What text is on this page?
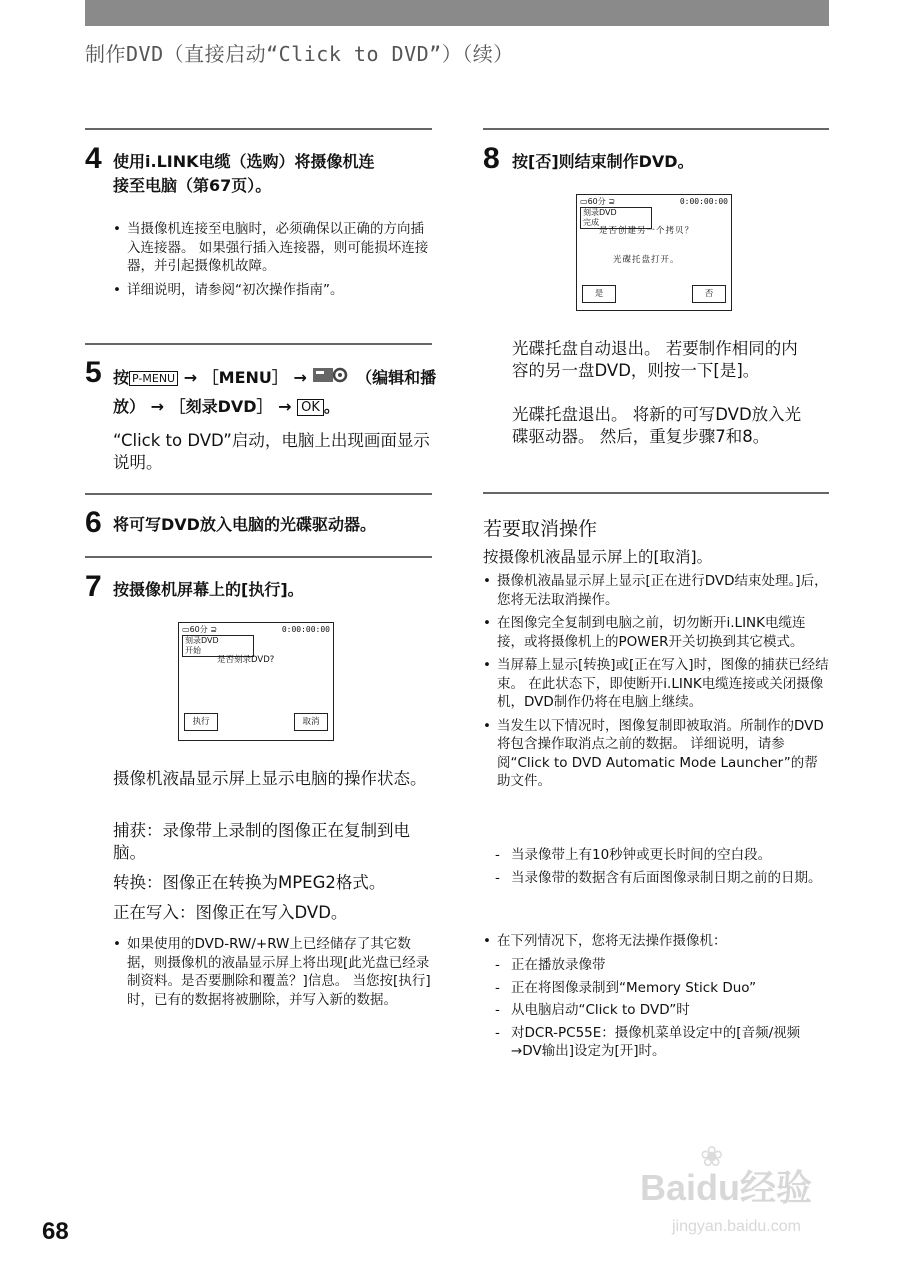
制作DVD（直接启动“Click to DVD”）（续）
4 使用i.LINK电缆（选购）将摄像机连
接至电脑（第67页）。
• 当摄像机连接至电脑时，必须确保以正确的方向插入连接器。 如果强行插入连接器，则可能损坏连接器，并引起摄像机故障。
• 详细说明，请参阅“初次操作指南”。
5 按 P-MENU → ［MENU］ →	（编辑和播放） → ［刻录DVD］ → OK 。
“Click to DVD”启动，电脑上出现画面显示说明。
6 将可写DVD放入电脑的光碟驱动器。
7 按摄像机屏幕上的[执行]。
▭60分 ⊇	0:00:00:00
刻录DVD
开始
是否刻录DVD?
执行	取消
摄像机液晶显示屏上显示电脑的操作状态。
捕获：录像带上录制的图像正在复制到电脑。
转换：图像正在转换为MPEG2格式。
正在写入：图像正在写入DVD。
• 如果使用的DVD-RW/+RW上已经储存了其它数据，则摄像机的液晶显示屏上将出现[此光盘已经录制资料。是否要删除和覆盖？]信息。 当您按[执行]时，已有的数据将被删除，并写入新的数据。
8 按[否]则结束制作DVD。
▭60分 ⊇	0:00:00:00
刻录DVD
完成
是否创建另一个拷贝？
光碟托盘打开。
是	否
光碟托盘自动退出。 若要制作相同的内容的另一盘DVD，则按一下[是]。
光碟托盘退出。 将新的可写DVD放入光碟驱动器。 然后，重复步骤7和8。
若要取消操作
按摄像机液晶显示屏上的[取消]。
• 摄像机液晶显示屏上显示[正在进行DVD结束处理。]后，您将无法取消操作。
• 在图像完全复制到电脑之前，切勿断开i.LINK电缆连接，或将摄像机上的POWER开关切换到其它模式。
• 当屏幕上显示[转换]或[正在写入]时，图像的捕获已经结束。 在此状态下，即使断开i.LINK电缆连接或关闭摄像机，DVD制作仍将在电脑上继续。
• 当发生以下情况时，图像复制即被取消。所制作的DVD将包含操作取消点之前的数据。 详细说明，请参阅“Click to DVD Automatic Mode Launcher”的帮助文件。
- 当录像带上有10秒钟或更长时间的空白段。
- 当录像带的数据含有后面图像录制日期之前的日期。
• 在下列情况下，您将无法操作摄像机：
- 正在播放录像带
- 正在将图像录制到“Memory Stick Duo”
- 从电脑启动“Click to DVD”时
- 对DCR-PC55E：摄像机菜单设定中的[音频/视频→DV输出]设定为[开]时。
68
❀
Baidu经验
jingyan.baidu.com
